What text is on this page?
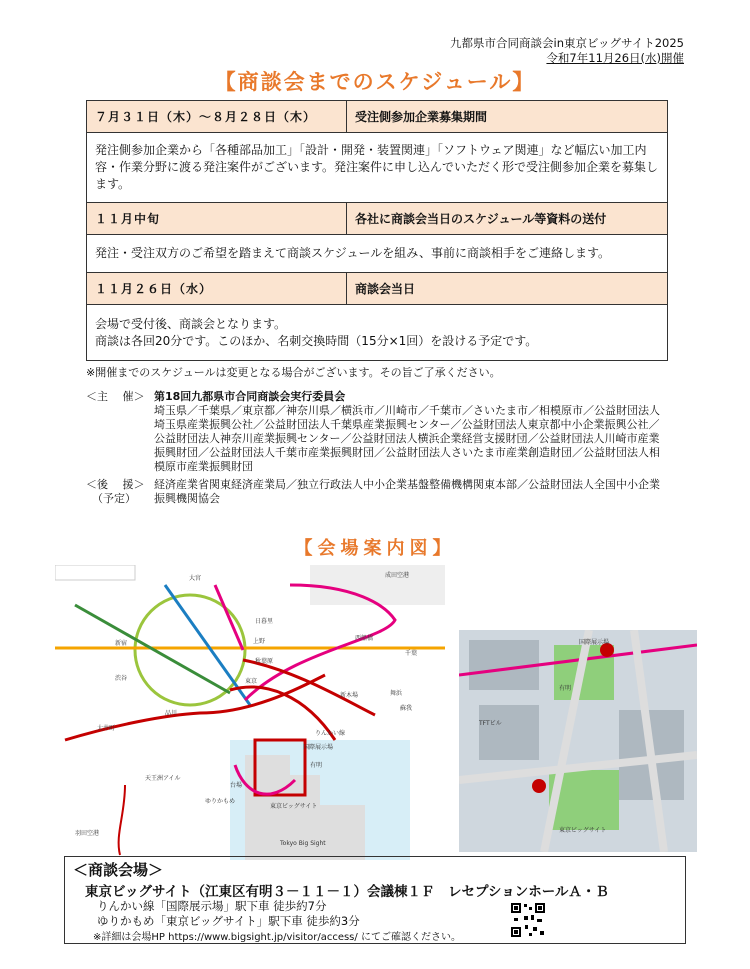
九都県市合同商談会in東京ビッグサイト2025
令和7年11月26日(水)開催
【商談会までのスケジュール】
７月３１日（木）～８月２８日（木）	受注側参加企業募集期間
発注側参加企業から「各種部品加工」「設計・開発・装置関連」「ソフトウェア関連」など幅広い加工内容・作業分野に渡る発注案件がございます。発注案件に申し込んでいただく形で受注側参加企業を募集します。	
１１月中旬	各社に商談会当日のスケジュール等資料の送付
発注・受注双方のご希望を踏まえて商談スケジュールを組み、事前に商談相手をご連絡します。	
１１月２６日（水）	商談会当日

会場で受付後、商談会となります。
商談は各回20分です。このほか、名刺交換時間（15分×1回）を設ける予定です。	
※開催までのスケジュールは変更となる場合がございます。その旨ご了承ください。
＜主　 催＞ 第18回九都県市合同商談会実行委員会
埼玉県／千葉県／東京都／神奈川県／横浜市／川崎市／千葉市／さいたま市／相模原市／公益財団法人埼玉県産業振興公社／公益財団法人千葉県産業振興センター／公益財団法人東京都中小企業振興公社／公益財団法人神奈川産業振興センター／公益財団法人横浜企業経営支援財団／公益財団法人川崎市産業振興財団／公益財団法人千葉市産業振興財団／公益財団法人さいたま市産業創造財団／公益財団法人相模原市産業振興財団
＜後　 援＞
（予定）
経済産業省関東経済産業局／独立行政法人中小企業基盤整備機構関東本部／公益財団法人全国中小企業振興機関協会
【会場案内図】
大宮
日暮里
上野
秋葉原
東京
新宿
渋谷
品川
大井町
新木場
天王洲アイル
羽田空港
成田空港
国際展示場
東京ビッグサイト
りんかい線
ゆりかもめ
有明
台場
舞浜
蘇我
千葉
西船橋
Tokyo Big Sight
有明
国際展示場
東京ビッグサイト
TFTビル
＜商談会場＞
東京ビッグサイト（江東区有明３－１１－１）会議棟１Ｆ　レセプションホールＡ・Ｂ
りんかい線「国際展示場」駅下車 徒歩約7分
ゆりかもめ「東京ビッグサイト」駅下車 徒歩約3分
※詳細は会場HP https://www.bigsight.jp/visitor/access/ にてご確認ください。
